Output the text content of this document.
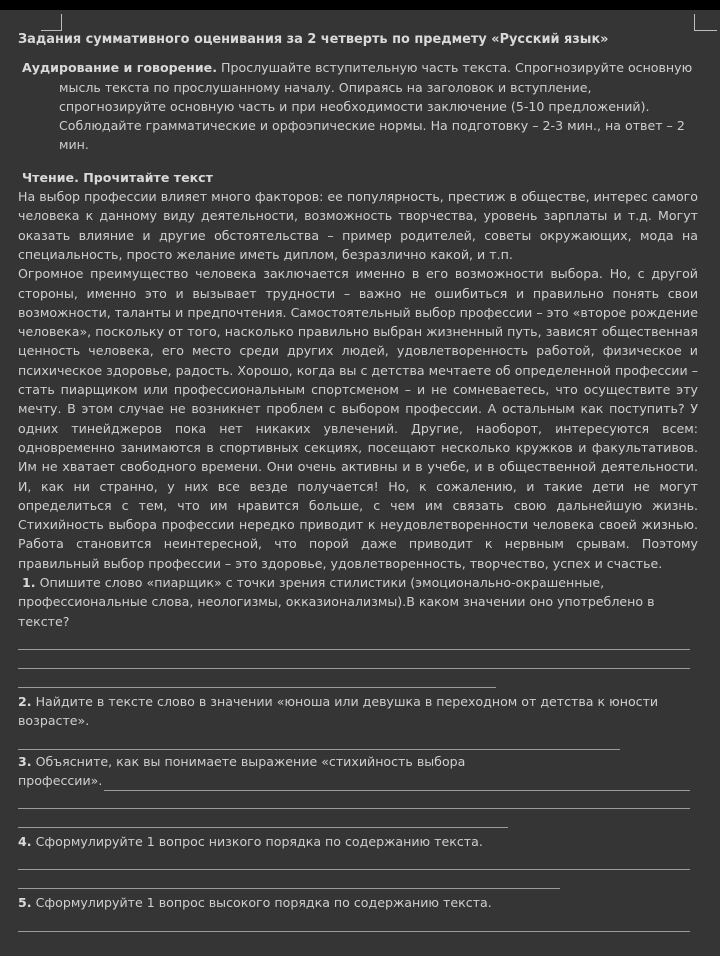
Задания суммативного оценивания за 2 четверть по предмету «Русский язык»
Аудирование и говорение. Прослушайте вступительную часть текста. Спрогнозируйте основную мысль текста по прослушанному началу. Опираясь на заголовок и вступление, спрогнозируйте основную часть и при необходимости заключение (5-10 предложений). Соблюдайте грамматические и орфоэпические нормы. На подготовку – 2-3 мин., на ответ – 2 мин.
Чтение. Прочитайте текст

На выбор профессии влияет много факторов: ее популярность, престиж в обществе, интерес самого человека к данному виду деятельности, возможность творчества, уровень зарплаты и т.д. Могут оказать влияние и другие обстоятельства – пример родителей, советы окружающих, мода на специальность, просто желание иметь диплом, безразлично какой, и т.п.

Огромное преимущество человека заключается именно в его возможности выбора. Но, с другой стороны, именно это и вызывает трудности – важно не ошибиться и правильно понять свои возможности, таланты и предпочтения. Самостоятельный выбор профессии – это «второе рождение человека», поскольку от того, насколько правильно выбран жизненный путь, зависят общественная ценность человека, его место среди других людей, удовлетворенность работой, физическое и психическое здоровье, радость. Хорошо, когда вы с детства мечтаете об определенной профессии – стать пиарщиком или профессиональным спортсменом – и не сомневаетесь, что осуществите эту мечту. В этом случае не возникнет проблем с выбором профессии. А остальным как поступить? У одних тинейджеров пока нет никаких увлечений. Другие, наоборот, интересуются всем: одновременно занимаются в спортивных секциях, посещают несколько кружков и факультативов. Им не хватает свободного времени. Они очень активны и в учебе, и в общественной деятельности. И, как ни странно, у них все везде получается! Но, к сожалению, и такие дети не могут определиться с тем, что им нравится больше, с чем им связать свою дальнейшую жизнь. Стихийность выбора профессии нередко приводит к неудовлетворенности человека своей жизнью. Работа становится неинтересной, что порой даже приводит к нервным срывам. Поэтому правильный выбор профессии – это здоровье, удовлетворенность, творчество, успех и счастье.

1. Опишите слово «пиарщик» с точки зрения стилистики (эмоционально-окрашенные, профессиональные слова, неологизмы, окказионализмы).В каком значении оно употреблено в тексте?

2. Найдите в тексте слово в значении «юноша или девушка в переходном от детства к юности возрасте».

3. Объясните, как вы понимаете выражение «стихийность выбора профессии».

4. Сформулируйте 1 вопрос низкого порядка по содержанию текста.

5. Сформулируйте 1 вопрос высокого порядка по содержанию текста.
